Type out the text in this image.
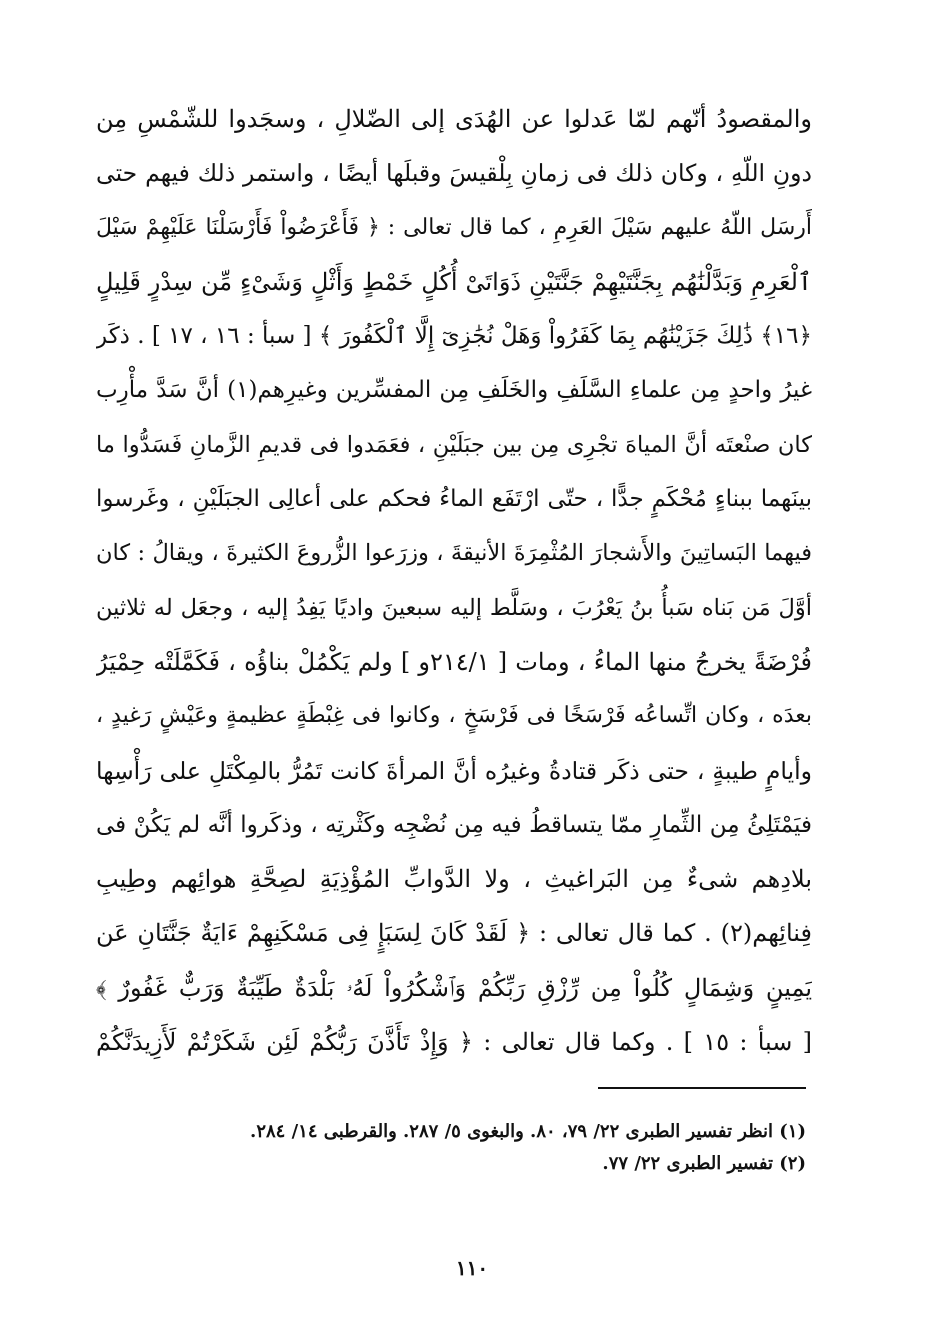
والمقصودُ أنّهم لمّا عَدلوا عن الهُدَى إلى الضّلالِ ، وسجَدوا للشّمْسِ مِن
دونِ اللّهِ ، وكان ذلك فى زمانِ بِلْقيسَ وقبلَها أيضًا ، واستمر ذلك فيهم حتى
أَرسَل اللّهُ عليهم سَيْلَ العَرِمِ ، كما قال تعالى : ﴿ فَأَعْرَضُواْ فَأَرْسَلْنَا عَلَيْهِمْ سَيْلَ
ٱلْعَرِمِ وَبَدَّلْنَٰهُم بِجَنَّتَيْهِمْ جَنَّتَيْنِ ذَوَاتَىْ أُكُلٍ خَمْطٍ وَأَثْلٍ وَشَىْءٍ مِّن سِدْرٍ قَلِيلٍ
﴿١٦﴾ ذَٰلِكَ جَزَيْنَٰهُم بِمَا كَفَرُواْ وَهَلْ نُجَٰزِىٓ إِلَّا ٱلْكَفُورَ ﴾ [ سبأ : ١٦ ، ١٧ ] . ذكَر
غيرُ واحدٍ مِن علماءِ السَّلَفِ والخَلَفِ مِن المفسِّرين وغيرِهم(١) أنَّ سَدَّ مأْرِب
كان صنْعتَه أنَّ المياهَ تجْرِى مِن بين جبَلَيْنِ ، فعَمَدوا فى قديمِ الزَّمانِ فَسَدُّوا ما
بينَهما ببناءٍ مُحْكَمٍ جدًّا ، حتّى ارْتَفَع الماءُ فحكم على أعالِى الجبَلَيْنِ ، وغَرسوا
فيهما البَساتِينَ والأَشجارَ المُثْمِرَةَ الأنيقةَ ، وزرَعوا الزُّروعَ الكثيرةَ ، ويقالُ : كان
أوَّلَ مَن بَناه سَبأُ بنُ يَعْرُبَ ، وسَلَّط إليه سبعينَ واديًا يَفِدُ إليه ، وجعَل له ثلاثين
فُرْضَةً يخرجُ منها الماءُ ، ومات [ ٢١٤/١و ] ولم يَكْمُلْ بناؤُه ، فَكَمَّلَتْه حِمْيَرُ
بعدَه ، وكان اتِّساعُه فَرْسَخًا فى فَرْسَخٍ ، وكانوا فى غِبْطَةٍ عظيمةٍ وعَيْشٍ رَغيدٍ ،
وأيامٍ طيبةٍ ، حتى ذكَر قتادةُ وغيرُه أنَّ المرأةَ كانت تَمُرُّ بالمِكْتَلِ على رَأْسِها
فيَمْتَلِئُ مِن الثِّمارِ ممّا يتساقطُ فيه مِن نُضْجِه وكَثْرتِه ، وذكَروا أنَّه لم يَكُنْ فى
بلادِهم شىءٌ مِن البَراغيثِ ، ولا الدَّوابِّ المُؤْذِيَةِ لصِحَّةِ هوائِهم وطِيبِ
فِنائِهم(٢) . كما قال تعالى : ﴿ لَقَدْ كَانَ لِسَبَإٍ فِى مَسْكَنِهِمْ ءَايَةٌ جَنَّتَانِ عَن
يَمِينٍ وَشِمَالٍ كُلُواْ مِن رِّزْقِ رَبِّكُمْ وَٱشْكُرُواْ لَهُۥ بَلْدَةٌ طَيِّبَةٌ وَرَبٌّ غَفُورٌ ﴾
[ سبأ : ١٥ ] . وكما قال تعالى : ﴿ وَإِذْ تَأَذَّنَ رَبُّكُمْ لَئِن شَكَرْتُمْ لَأَزِيدَنَّكُمْ
(١) انظر تفسير الطبرى ٢٢/ ٧٩، ٨٠. والبغوى ٥/ ٢٨٧. والقرطبى ١٤/ ٢٨٤.
(٢) تفسير الطبرى ٢٢/ ٧٧.
١١٠
